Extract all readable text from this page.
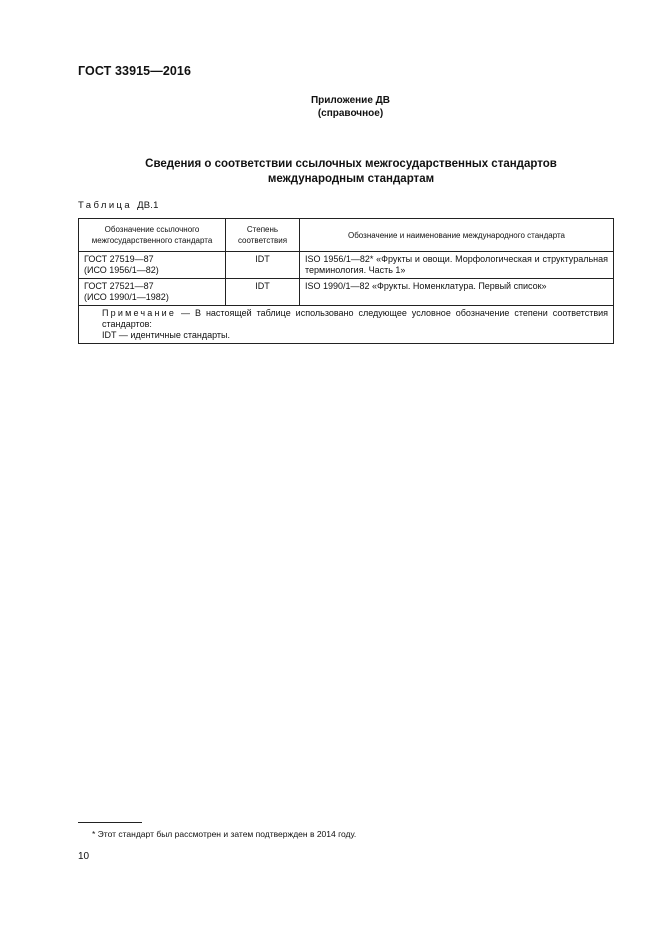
ГОСТ 33915—2016
Приложение ДВ
(справочное)
Сведения о соответствии ссылочных межгосударственных стандартов
международным стандартам
Таблица ДВ.1
Обозначение ссылочного межгосударственного стандарта	Степень соответствия	Обозначение и наименование международного стандарта

ГОСТ 27519—87
(ИСО 1956/1—82)	IDT	ISO 1956/1—82* «Фрукты и овощи. Морфологическая и структуральная терминология. Часть 1»

ГОСТ 27521—87
(ИСО 1990/1—1982)	IDT	ISO 1990/1—82 «Фрукты. Номенклатура. Первый список»

Примечание — В настоящей таблице использовано следующее условное обозначение степени соответствия стандартов:
IDT — идентичные стандарты.		
* Этот стандарт был рассмотрен и затем подтвержден в 2014 году.
10
